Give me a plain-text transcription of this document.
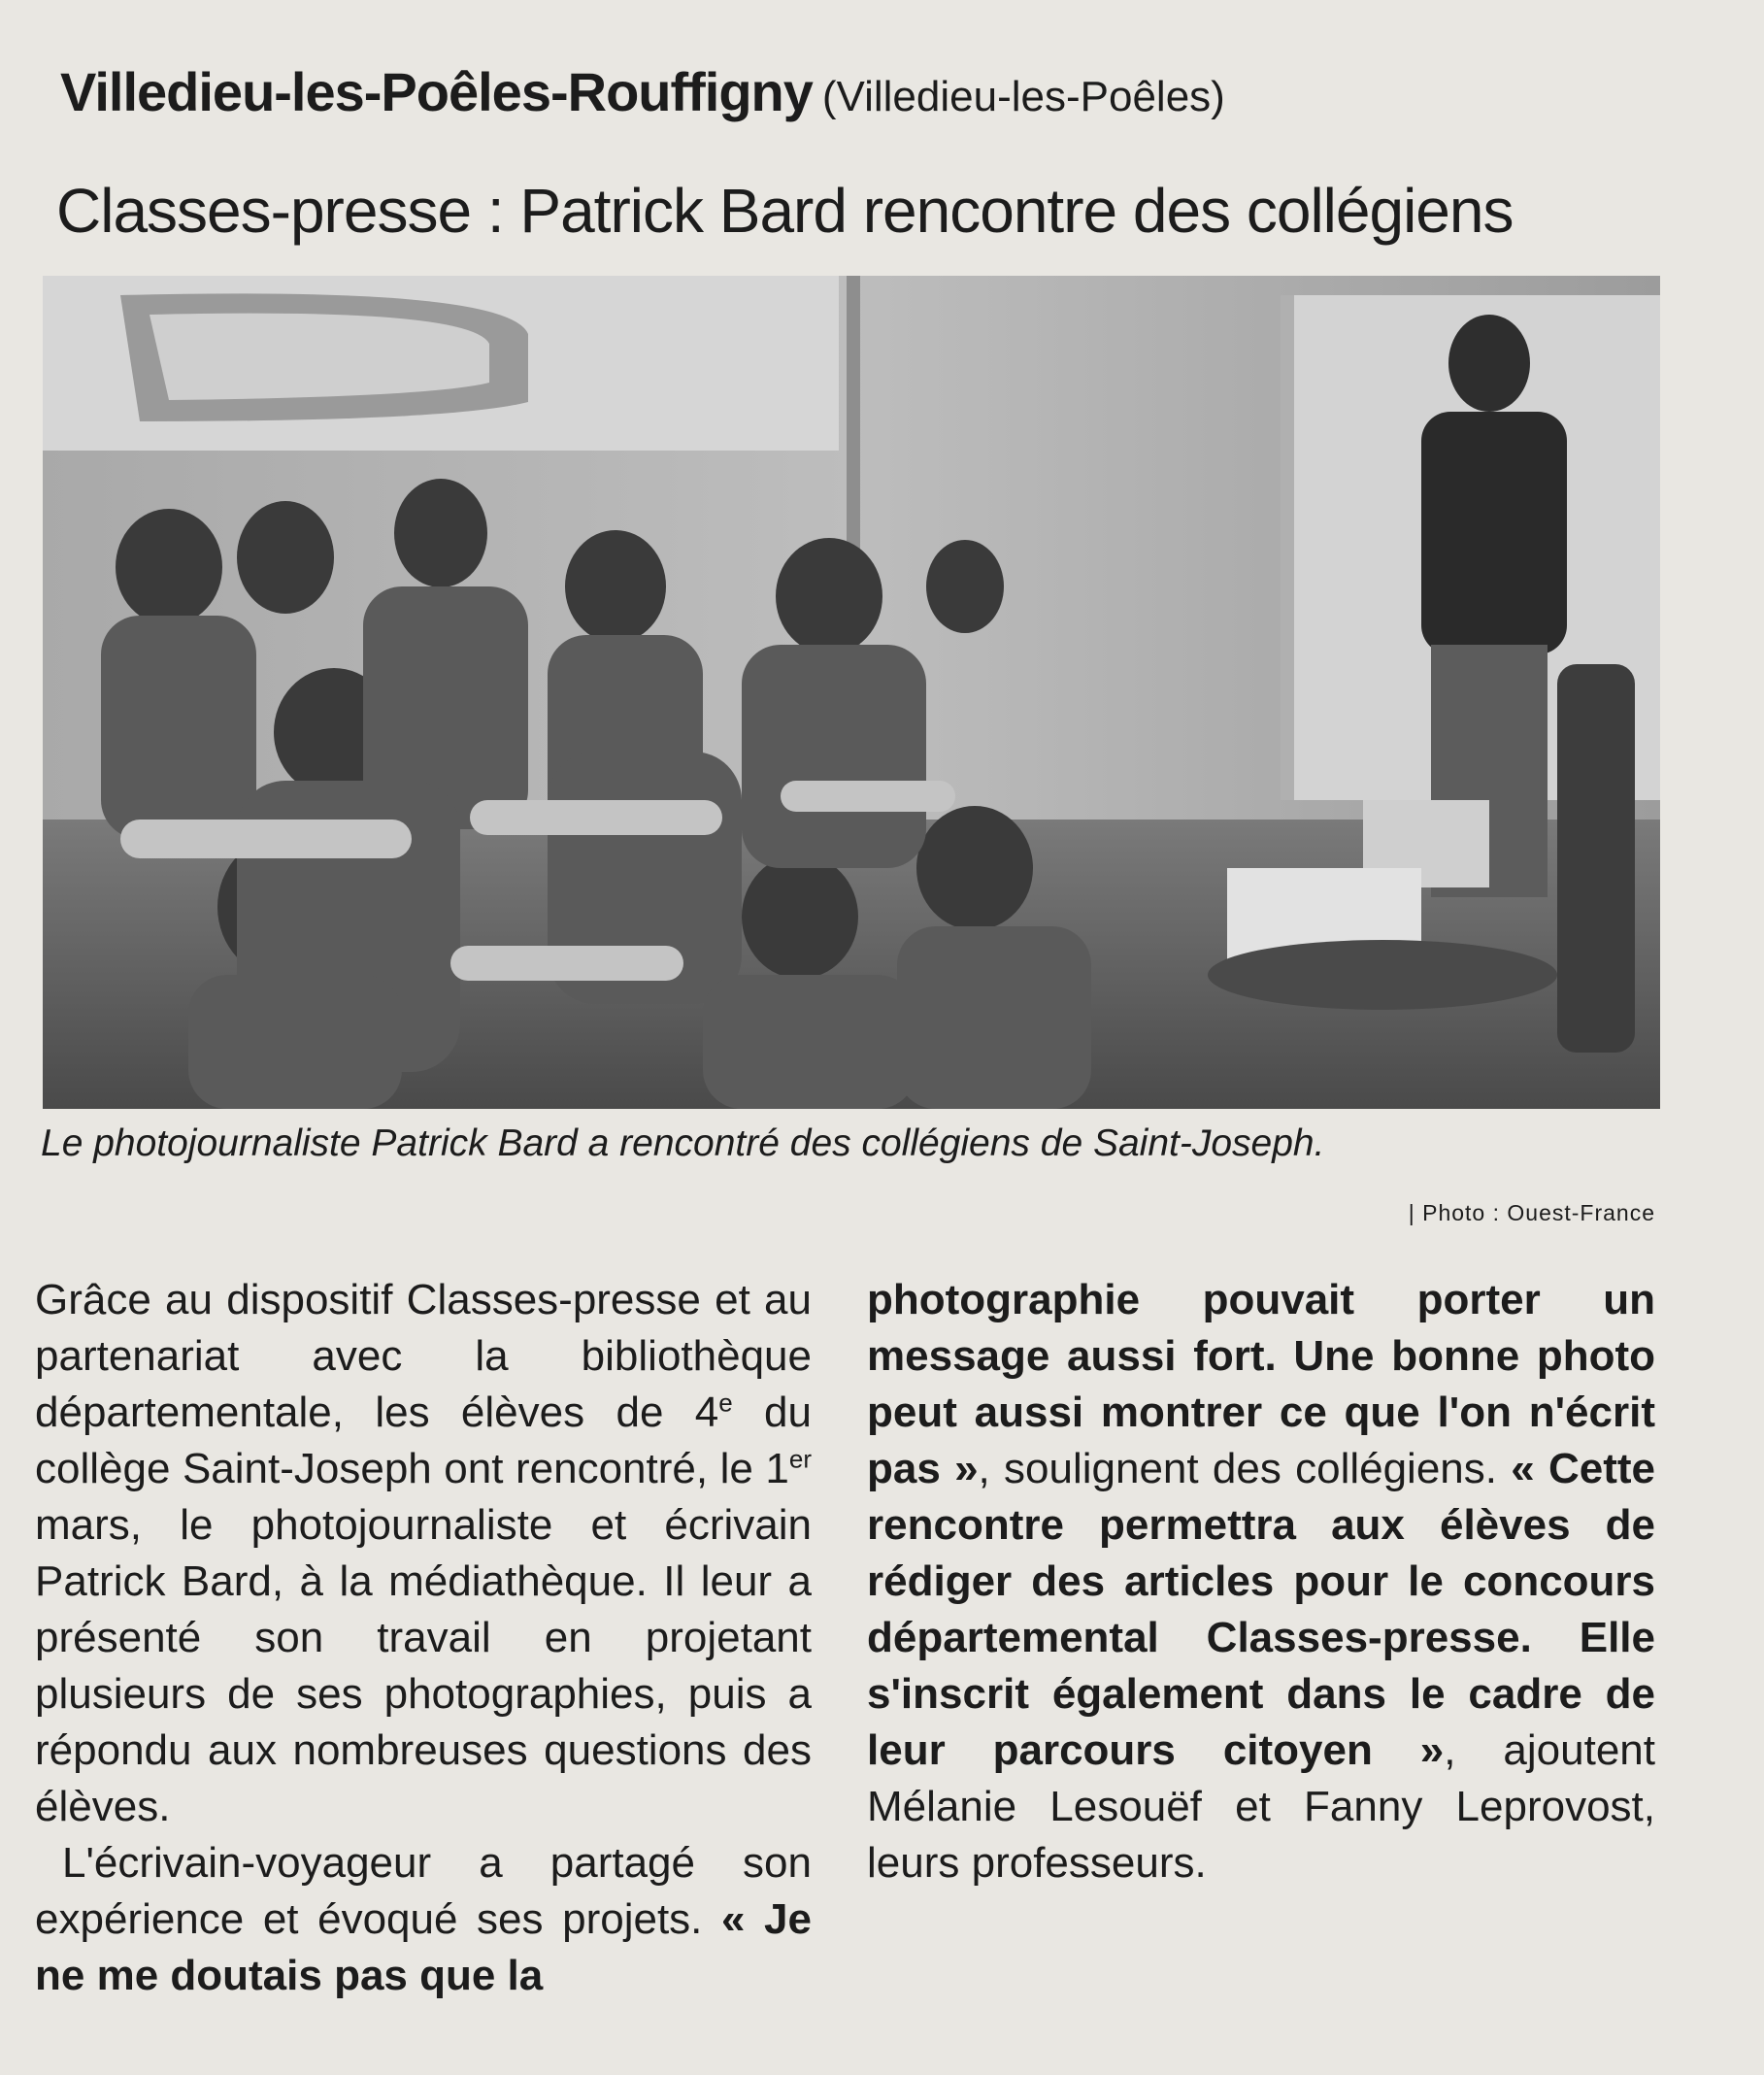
Villedieu-les-Poêles-Rouffigny (Villedieu-les-Poêles)
Classes-presse : Patrick Bard rencontre des collégiens
Le photojournaliste Patrick Bard a rencontré des collégiens de Saint-Joseph.
| Photo : Ouest-France

Grâce au dispositif Classes-presse et au partenariat avec la bibliothèque départementale, les élèves de 4e du collège Saint-Joseph ont rencontré, le 1er mars, le photojournaliste et écrivain Patrick Bard, à la médiathèque. Il leur a présenté son travail en projetant plusieurs de ses photographies, puis a répondu aux nombreuses questions des élèves.

L'écrivain-voyageur a partagé son expérience et évoqué ses projets. « Je ne me doutais pas que la

photographie pouvait porter un message aussi fort. Une bonne photo peut aussi montrer ce que l'on n'écrit pas », soulignent des collégiens. « Cette rencontre permettra aux élèves de rédiger des articles pour le concours départemental Classes-presse. Elle s'inscrit également dans le cadre de leur parcours citoyen », ajoutent Mélanie Lesouëf et Fanny Leprovost, leurs professeurs.
